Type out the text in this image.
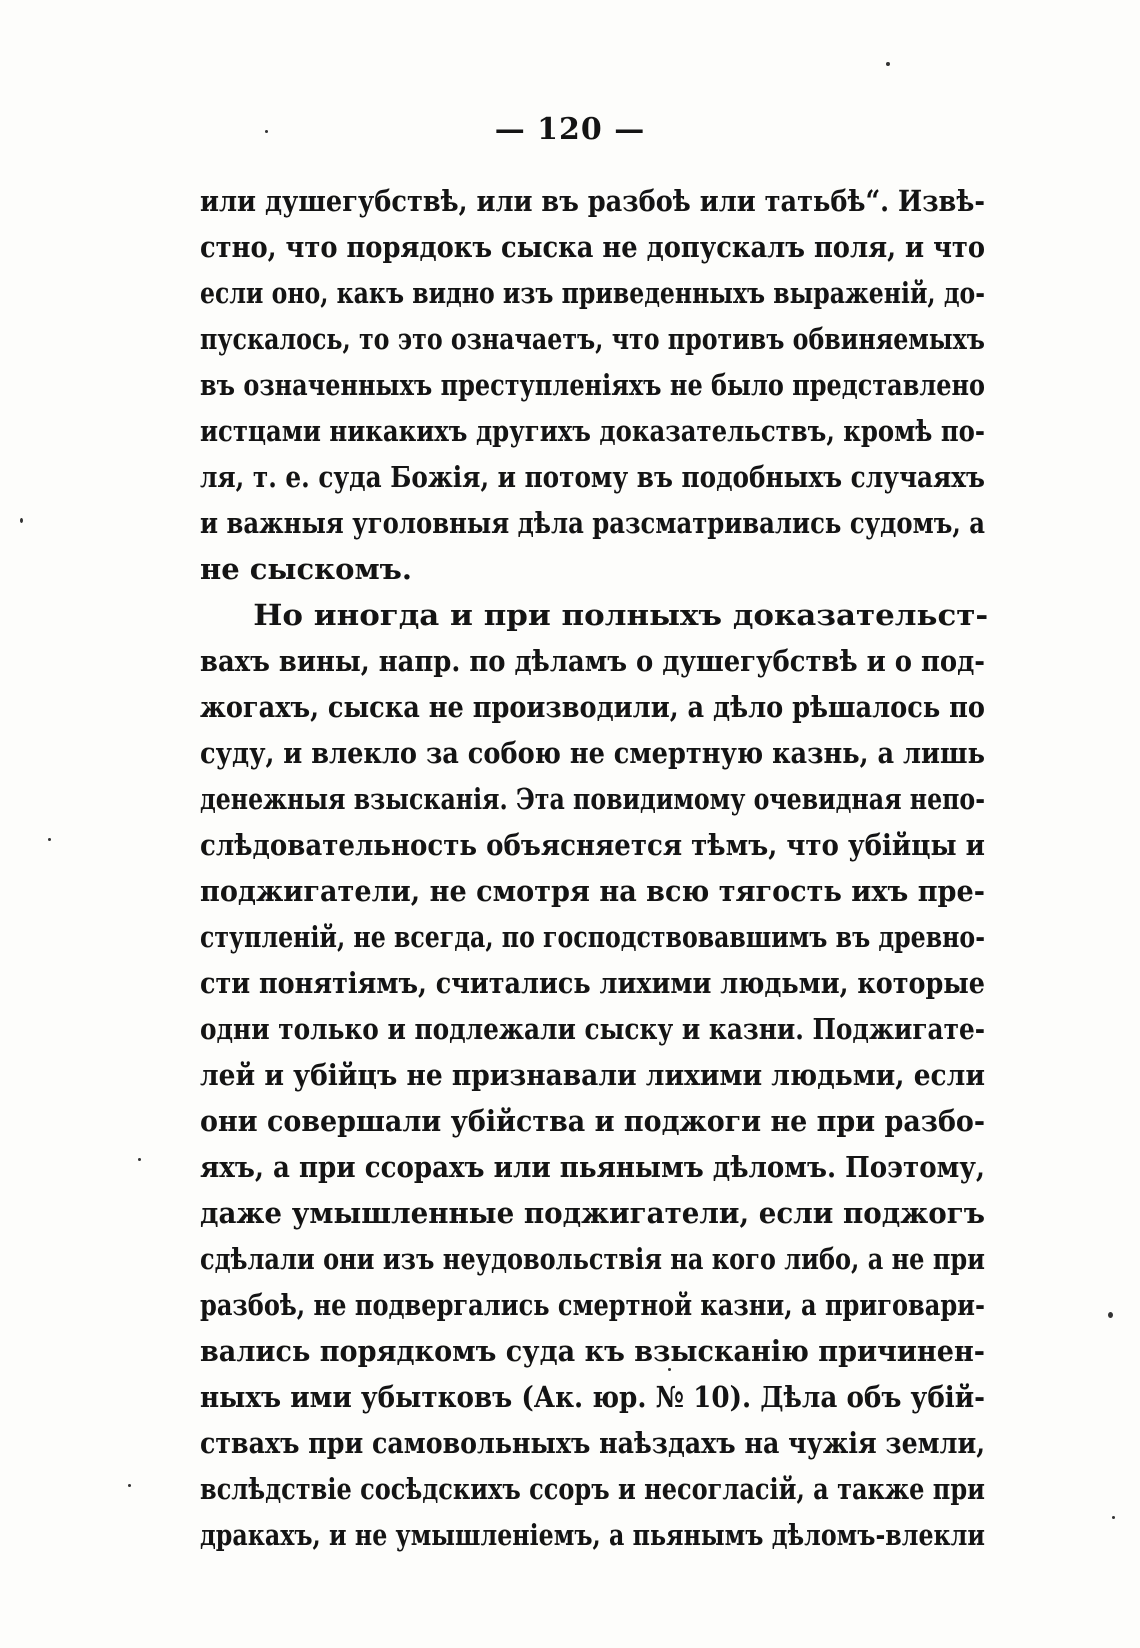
— 120 —
или душегубствѣ, или въ разбоѣ или татьбѣ“. Извѣ-
стно, что порядокъ сыска не допускалъ поля, и что
если оно, какъ видно изъ приведенныхъ выраженій, до-
пускалось, то это означаетъ, что противъ обвиняемыхъ
въ означенныхъ преступленіяхъ не было представлено
истцами никакихъ другихъ доказательствъ, кромѣ по-
ля, т. е. суда Божія, и потому въ подобныхъ случаяхъ
и важныя уголовныя дѣла разсматривались судомъ, а
не сыскомъ.
Но иногда и при полныхъ доказательст-
вахъ вины, напр. по дѣламъ о душегубствѣ и о под-
жогахъ, сыска не производили, а дѣло рѣшалось по
суду, и влекло за собою не смертную казнь, а лишь
денежныя взысканія. Эта повидимому очевидная непо-
слѣдовательность объясняется тѣмъ, что убійцы и
поджигатели, не смотря на всю тягость ихъ пре-
ступленій, не всегда, по господствовавшимъ въ древно-
сти понятіямъ, считались лихими людьми, которые
одни только и подлежали сыску и казни. Поджигате-
лей и убійцъ не признавали лихими людьми, если
они совершали убійства и поджоги не при разбо-
яхъ, а при ссорахъ или пьянымъ дѣломъ. Поэтому,
даже умышленные поджигатели, если поджогъ
сдѣлали они изъ неудовольствія на кого либо, а не при
разбоѣ, не подвергались смертной казни, а приговари-
вались порядкомъ суда къ взысканію причинен-
ныхъ ими убытковъ (Ак. юр. № 10). Дѣла объ убій-
ствахъ при самовольныхъ наѣздахъ на чужія земли,
вслѣдствіе сосѣдскихъ ссоръ и несогласій, а также при
дракахъ, и не умышленіемъ, а пьянымъ дѣломъ-влекли
